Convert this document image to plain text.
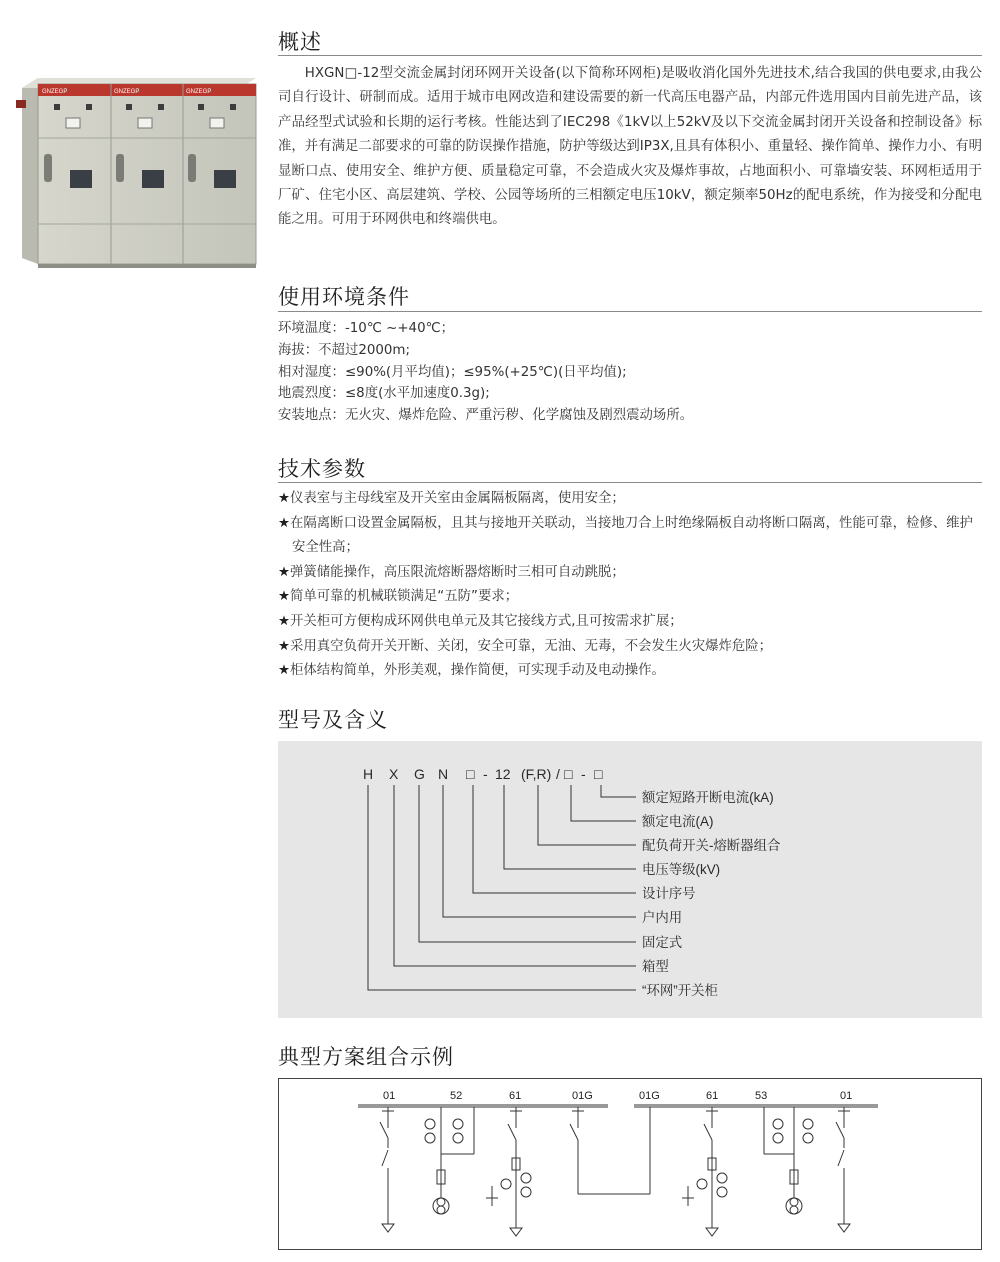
GNZEGP	GNZEGP	GNZEGP
概述

HXGN□-12型交流金属封闭环网开关设备(以下简称环网柜)是吸收消化国外先进技术,结合我国的供电要求,由我公司自行设计、研制而成。适用于城市电网改造和建设需要的新一代高压电器产品，内部元件选用国内目前先进产品，该产品经型式试验和长期的运行考核。性能达到了IEC298《1kV以上52kV及以下交流金属封闭开关设备和控制设备》标准，并有满足二部要求的可靠的防误操作措施，防护等级达到IP3X,且具有体积小、重量轻、操作简单、操作力小、有明显断口点、使用安全、维护方便、质量稳定可靠，不会造成火灾及爆炸事故，占地面积小、可靠墙安装、环网柜适用于厂矿、住宅小区、高层建筑、学校、公园等场所的三相额定电压10kV，额定频率50Hz的配电系统，作为接受和分配电能之用。可用于环网供电和终端供电。

使用环境条件
环境温度：-10℃ ~+40℃；
海拔：不超过2000m;
相对湿度：≤90%(月平均值)；≤95%(+25℃)(日平均值);
地震烈度：≤8度(水平加速度0.3g);
安装地点：无火灾、爆炸危险、严重污秽、化学腐蚀及剧烈震动场所。
技术参数
★仪表室与主母线室及开关室由金属隔板隔离，使用安全；
★在隔离断口设置金属隔板，且其与接地开关联动，当接地刀合上时绝缘隔板自动将断口隔离，性能可靠，检修、维护安全性高；
★弹簧储能操作，高压限流熔断器熔断时三相可自动跳脱；
★简单可靠的机械联锁满足“五防”要求；
★开关柜可方便构成环网供电单元及其它接线方式,且可按需求扩展；
★采用真空负荷开关开断、关闭，安全可靠，无油、无毒，不会发生火灾爆炸危险；
★柜体结构简单，外形美观，操作简便，可实现手动及电动操作。
型号及含义
H X G N □ - 12 (F,R) / □ - □
额定短路开断电流(kA)
额定电流(A)
配负荷开关-熔断器组合
电压等级(kV)
设计序号
户内用
固定式
箱型
“环网”开关柜
典型方案组合示例
01	52	61	01G	01G	61	53	01
